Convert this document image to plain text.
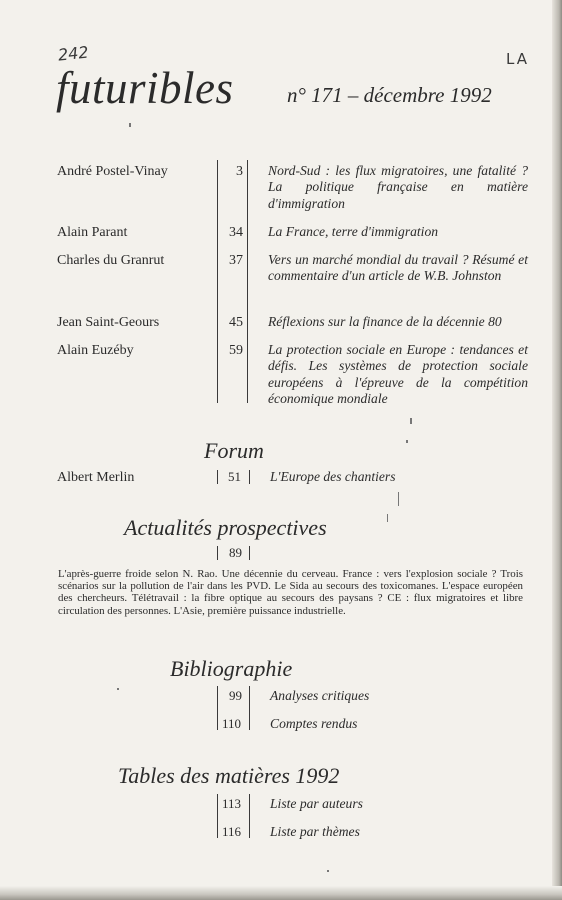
242	LA
futuribles	n° 171 – décembre 1992
André Postel-Vinay	3 Nord-Sud : les flux migratoires, une fatalité ? La politique française en matière d'immigration
Alain Parant	34 La France, terre d'immigration
Charles du Granrut	37 Vers un marché mondial du travail ? Résumé et commentaire d'un article de W.B. Johnston
Jean Saint-Geours	45 Réflexions sur la finance de la décennie 80
Alain Euzéby	59 La protection sociale en Europe : tendances et défis. Les systèmes de protection sociale européens à l'épreuve de la compétition économique mondiale
Forum
Albert Merlin	51 L'Europe des chantiers
Actualités prospectives
89
L'après-guerre froide selon N. Rao. Une décennie du cerveau. France : vers l'explosion sociale ? Trois scénarios sur la pollution de l'air dans les PVD. Le Sida au secours des toxicomanes. L'espace européen des chercheurs. Télétravail : la fibre optique au secours des paysans ? CE : flux migratoires et libre circulation des personnes. L'Asie, première puissance industrielle.
Bibliographie
99 Analyses critiques
110 Comptes rendus
Tables des matières 1992
113 Liste par auteurs
116 Liste par thèmes
